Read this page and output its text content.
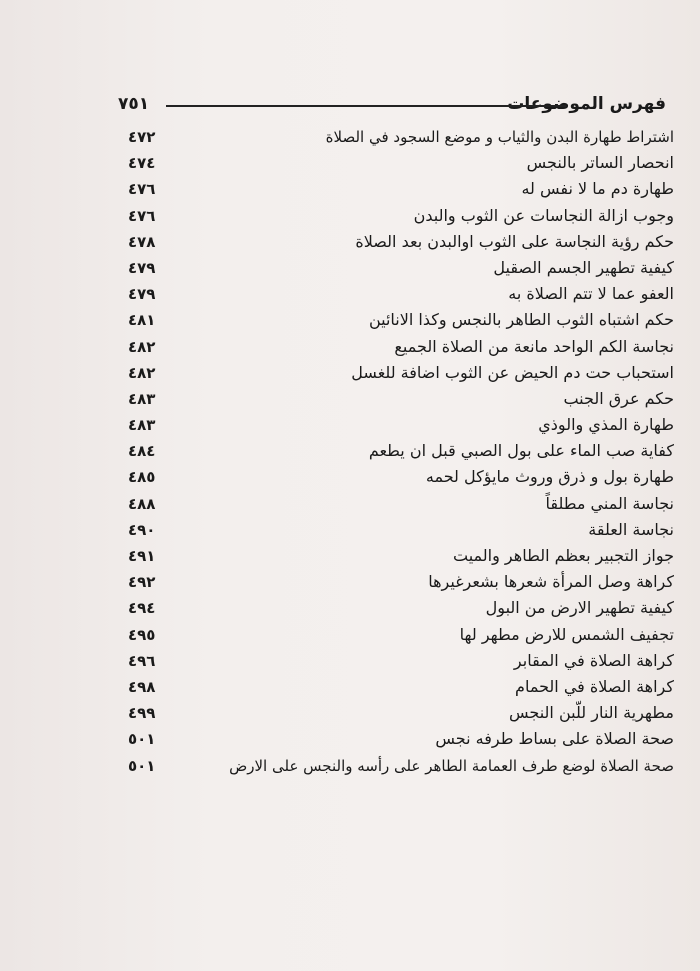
فهرس الموضوعات
٧٥١
اشتراط طهارة البدن والثياب و موضع السجود في الصلاة
٤٧٢
انحصار الساتر بالنجس
٤٧٤
طهارة دم ما لا نفس له
٤٧٦
وجوب ازالة النجاسات عن الثوب والبدن
٤٧٦
حكم رؤية النجاسة على الثوب اوالبدن بعد الصلاة
٤٧٨
كيفية تطهير الجسم الصقيل
٤٧٩
العفو عما لا تتم الصلاة به
٤٧٩
حكم اشتباه الثوب الطاهر بالنجس وكذا الانائين
٤٨١
نجاسة الكم الواحد مانعة من الصلاة الجميع
٤٨٢
استحباب حت دم الحيض عن الثوب اضافة للغسل
٤٨٢
حكم عرق الجنب
٤٨٣
طهارة المذي والوذي
٤٨٣
كفاية صب الماء على بول الصبي قبل ان يطعم
٤٨٤
طهارة بول و ذرق وروث مايؤكل لحمه
٤٨٥
نجاسة المني مطلقاً
٤٨٨
نجاسة العلقة
٤٩٠
جواز التجبير بعظم الطاهر والميت
٤٩١
كراهة وصل المرأة شعرها بشعرغيرها
٤٩٢
كيفية تطهير الارض من البول
٤٩٤
تجفيف الشمس للارض مطهر لها
٤٩٥
كراهة الصلاة في المقابر
٤٩٦
كراهة الصلاة في الحمام
٤٩٨
مطهرية النار للّبن النجس
٤٩٩
صحة الصلاة على بساط طرفه نجس
٥٠١
صحة الصلاة لوضع طرف العمامة الطاهر على رأسه والنجس على الارض
٥٠١
